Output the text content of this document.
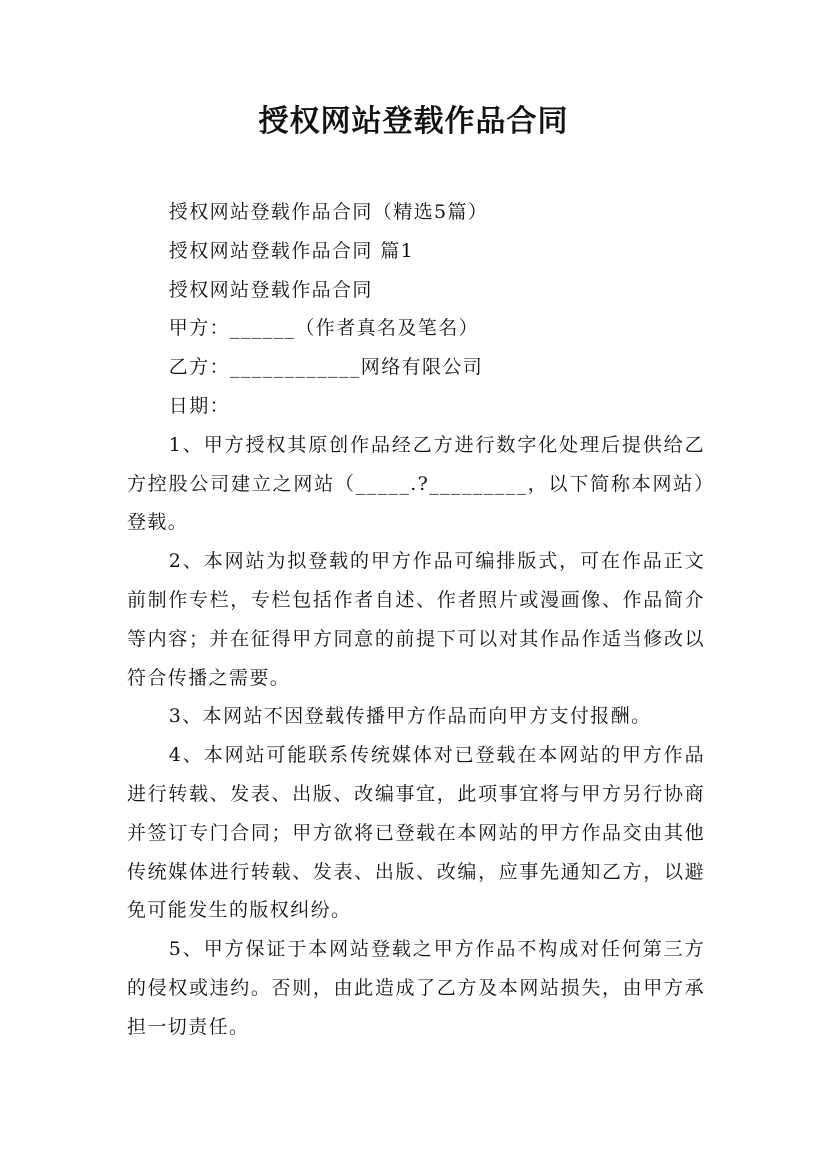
授权网站登载作品合同

授权网站登载作品合同（精选5篇）

授权网站登载作品合同 篇1

授权网站登载作品合同

甲方：______（作者真名及笔名）

乙方：____________网络有限公司

日期：

1、甲方授权其原创作品经乙方进行数字化处理后提供给乙方控股公司建立之网站（_____.?_________，以下简称本网站）登载。

2、本网站为拟登载的甲方作品可编排版式，可在作品正文前制作专栏，专栏包括作者自述、作者照片或漫画像、作品简介等内容；并在征得甲方同意的前提下可以对其作品作适当修改以符合传播之需要。

3、本网站不因登载传播甲方作品而向甲方支付报酬。

4、本网站可能联系传统媒体对已登载在本网站的甲方作品进行转载、发表、出版、改编事宜，此项事宜将与甲方另行协商并签订专门合同；甲方欲将已登载在本网站的甲方作品交由其他传统媒体进行转载、发表、出版、改编，应事先通知乙方，以避免可能发生的版权纠纷。

5、甲方保证于本网站登载之甲方作品不构成对任何第三方的侵权或违约。否则，由此造成了乙方及本网站损失，由甲方承担一切责任。
